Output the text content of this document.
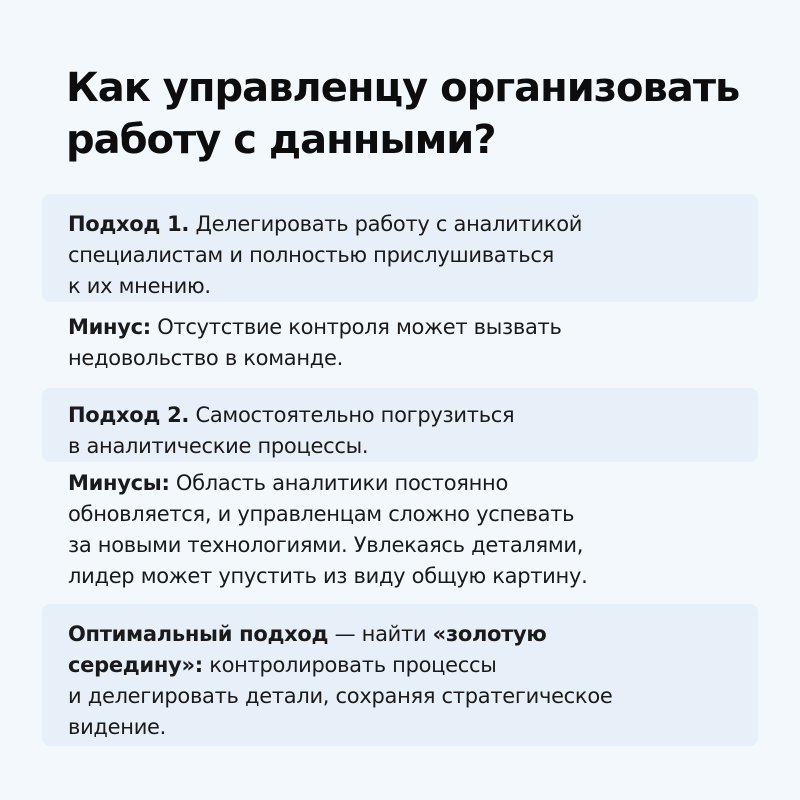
Как управленцу организовать
работу с данными?

Подход 1. Делегировать работу с аналитикой
специалистам и полностью прислушиваться
к их мнению.

Минус: Отсутствие контроля может вызвать
недовольство в команде.

Подход 2. Самостоятельно погрузиться
в аналитические процессы.

Минусы: Область аналитики постоянно
обновляется, и управленцам сложно успевать
за новыми технологиями. Увлекаясь деталями,
лидер может упустить из виду общую картину.

Оптимальный подход — найти «золотую
середину»: контролировать процессы
и делегировать детали, сохраняя стратегическое
видение.
